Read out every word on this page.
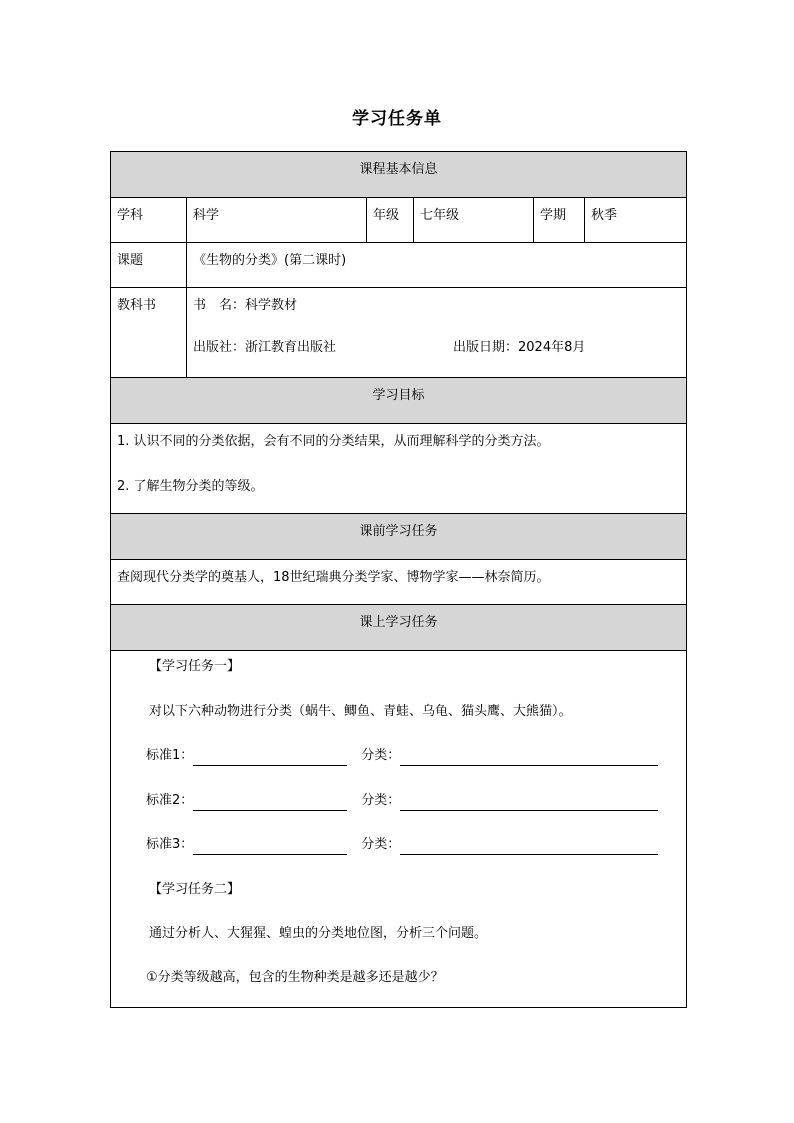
学习任务单
课程基本信息
学科	科学	年级	七年级	学期	秋季
课题	《生物的分类》(第二课时)
教科书	书　名：科学教材
出版社：浙江教育出版社	出版日期：2024年8月
学习目标
1. 认识不同的分类依据，会有不同的分类结果，从而理解科学的分类方法。
2. 了解生物分类的等级。
课前学习任务
查阅现代分类学的奠基人，18世纪瑞典分类学家、博物学家——林奈简历。
课上学习任务
【学习任务一】
对以下六种动物进行分类（蜗牛、鲫鱼、青蛙、乌龟、猫头鹰、大熊猫）。
标准1：	分类：
标准2：	分类：
标准3：	分类：
【学习任务二】
通过分析人、大猩猩、蝗虫的分类地位图，分析三个问题。
①分类等级越高，包含的生物种类是越多还是越少？
